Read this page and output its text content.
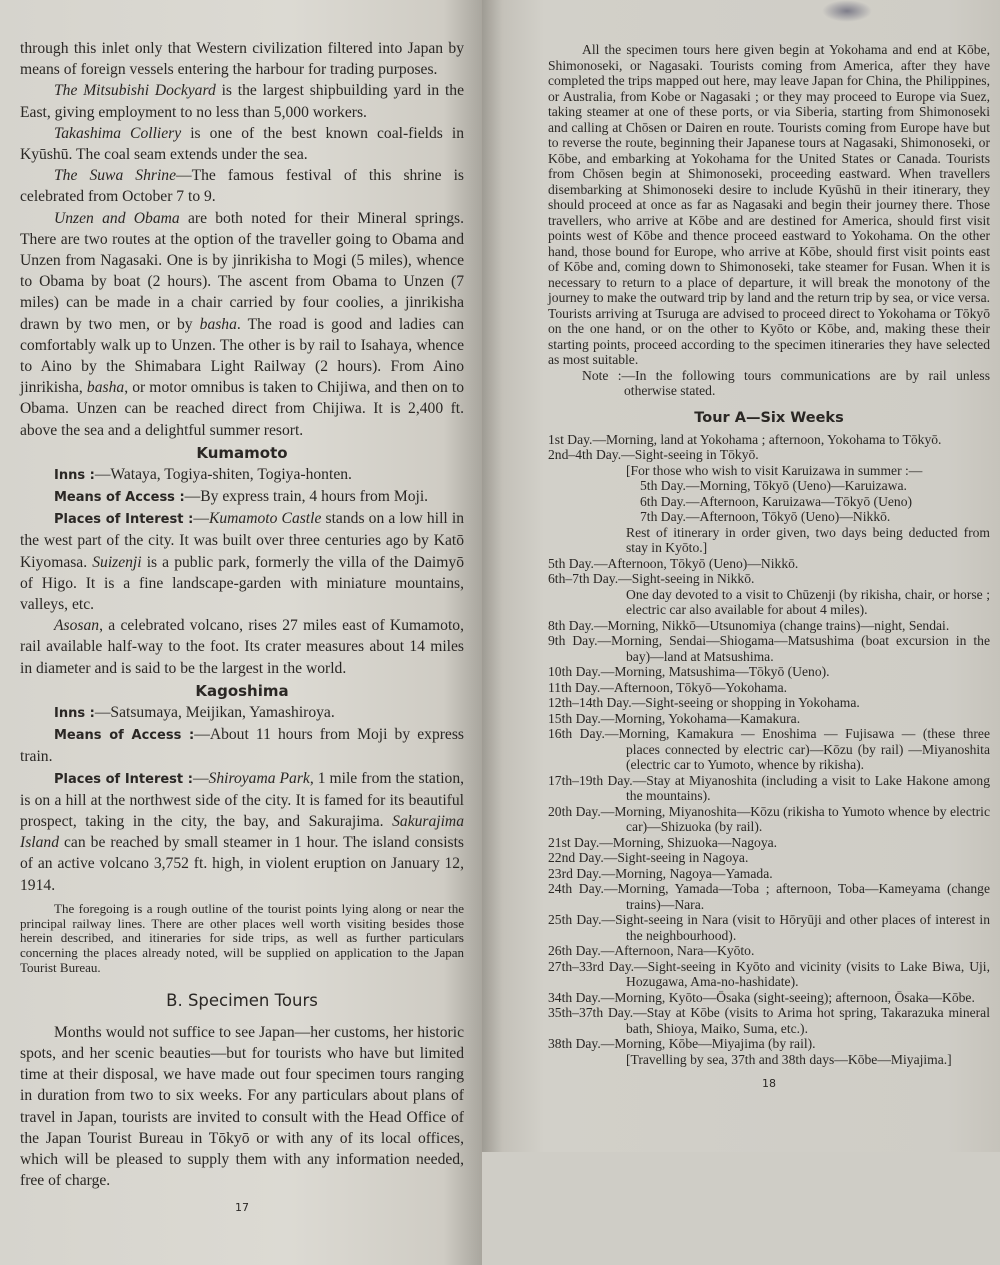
through this inlet only that Western civilization filtered into Japan by means of foreign vessels entering the harbour for trading purposes.

The Mitsubishi Dockyard is the largest shipbuilding yard in the East, giving employment to no less than 5,000 workers.

Takashima Colliery is one of the best known coal-fields in Kyūshū. The coal seam extends under the sea.

The Suwa Shrine—The famous festival of this shrine is celebrated from October 7 to 9.

Unzen and Obama are both noted for their Mineral springs. There are two routes at the option of the traveller going to Obama and Unzen from Nagasaki. One is by jinrikisha to Mogi (5 miles), whence to Obama by boat (2 hours). The ascent from Obama to Unzen (7 miles) can be made in a chair carried by four coolies, a jinrikisha drawn by two men, or by basha. The road is good and ladies can comfortably walk up to Unzen. The other is by rail to Isahaya, whence to Aino by the Shimabara Light Railway (2 hours). From Aino jinrikisha, basha, or motor omnibus is taken to Chijiwa, and then on to Obama. Unzen can be reached direct from Chijiwa. It is 2,400 ft. above the sea and a delightful summer resort.

Kumamoto

Inns :—Wataya, Togiya-shiten, Togiya-honten.

Means of Access :—By express train, 4 hours from Moji.

Places of Interest :—Kumamoto Castle stands on a low hill in the west part of the city. It was built over three centuries ago by Katō Kiyomasa. Suizenji is a public park, formerly the villa of the Daimyō of Higo. It is a fine landscape-garden with miniature mountains, valleys, etc.

Asosan, a celebrated volcano, rises 27 miles east of Kumamoto, rail available half-way to the foot. Its crater measures about 14 miles in diameter and is said to be the largest in the world.

Kagoshima

Inns :—Satsumaya, Meijikan, Yamashiroya.

Means of Access :—About 11 hours from Moji by express train.

Places of Interest :—Shiroyama Park, 1 mile from the station, is on a hill at the northwest side of the city. It is famed for its beautiful prospect, taking in the city, the bay, and Sakurajima. Sakurajima Island can be reached by small steamer in 1 hour. The island consists of an active volcano 3,752 ft. high, in violent eruption on January 12, 1914.

The foregoing is a rough outline of the tourist points lying along or near the principal railway lines. There are other places well worth visiting besides those herein described, and itineraries for side trips, as well as further particulars concerning the places already noted, will be supplied on application to the Japan Tourist Bureau.

B. Specimen Tours

Months would not suffice to see Japan—her customs, her historic spots, and her scenic beauties—but for tourists who have but limited time at their disposal, we have made out four specimen tours ranging in duration from two to six weeks. For any particulars about plans of travel in Japan, tourists are invited to consult with the Head Office of the Japan Tourist Bureau in Tōkyō or with any of its local offices, which will be pleased to supply them with any information needed, free of charge.

17

All the specimen tours here given begin at Yokohama and end at Kōbe, Shimonoseki, or Nagasaki. Tourists coming from America, after they have completed the trips mapped out here, may leave Japan for China, the Philippines, or Australia, from Kobe or Nagasaki ; or they may proceed to Europe via Suez, taking steamer at one of these ports, or via Siberia, starting from Shimonoseki and calling at Chōsen or Dairen en route. Tourists coming from Europe have but to reverse the route, beginning their Japanese tours at Nagasaki, Shimonoseki, or Kōbe, and embarking at Yokohama for the United States or Canada. Tourists from Chōsen begin at Shimonoseki, proceeding eastward. When travellers disembarking at Shimonoseki desire to include Kyūshū in their itinerary, they should proceed at once as far as Nagasaki and begin their journey there. Those travellers, who arrive at Kōbe and are destined for America, should first visit points west of Kōbe and thence proceed eastward to Yokohama. On the other hand, those bound for Europe, who arrive at Kōbe, should first visit points east of Kōbe and, coming down to Shimonoseki, take steamer for Fusan. When it is necessary to return to a place of departure, it will break the monotony of the journey to make the outward trip by land and the return trip by sea, or vice versa. Tourists arriving at Tsuruga are advised to proceed direct to Yokohama or Tōkyō on the one hand, or on the other to Kyōto or Kōbe, and, making these their starting points, proceed according to the specimen itineraries they have selected as most suitable.

Note :—In the following tours communications are by rail unless otherwise stated.

Tour A—Six Weeks
1st Day.—Morning, land at Yokohama ; afternoon, Yokohama to Tōkyō.
2nd–4th Day.—Sight-seeing in Tōkyō.
[For those who wish to visit Karuizawa in summer :—
5th Day.—Morning, Tōkyō (Ueno)—Karuizawa.
6th Day.—Afternoon, Karuizawa—Tōkyō (Ueno)
7th Day.—Afternoon, Tōkyō (Ueno)—Nikkō.
Rest of itinerary in order given, two days being deducted from stay in Kyōto.]
5th Day.—Afternoon, Tōkyō (Ueno)—Nikkō.
6th–7th Day.—Sight-seeing in Nikkō.
One day devoted to a visit to Chūzenji (by rikisha, chair, or horse ; electric car also available for about 4 miles).
8th Day.—Morning, Nikkō—Utsunomiya (change trains)—night, Sendai.
9th Day.—Morning, Sendai—Shiogama—Matsushima (boat excursion in the bay)—land at Matsushima.
10th Day.—Morning, Matsushima—Tōkyō (Ueno).
11th Day.—Afternoon, Tōkyō—Yokohama.
12th–14th Day.—Sight-seeing or shopping in Yokohama.
15th Day.—Morning, Yokohama—Kamakura.
16th Day.—Morning, Kamakura — Enoshima — Fujisawa — (these three places connected by electric car)—Kōzu (by rail) —Miyanoshita (electric car to Yumoto, whence by rikisha).
17th–19th Day.—Stay at Miyanoshita (including a visit to Lake Hakone among the mountains).
20th Day.—Morning, Miyanoshita—Kōzu (rikisha to Yumoto whence by electric car)—Shizuoka (by rail).
21st Day.—Morning, Shizuoka—Nagoya.
22nd Day.—Sight-seeing in Nagoya.
23rd Day.—Morning, Nagoya—Yamada.
24th Day.—Morning, Yamada—Toba ; afternoon, Toba—Kameyama (change trains)—Nara.
25th Day.—Sight-seeing in Nara (visit to Hōryūji and other places of interest in the neighbourhood).
26th Day.—Afternoon, Nara—Kyōto.
27th–33rd Day.—Sight-seeing in Kyōto and vicinity (visits to Lake Biwa, Uji, Hozugawa, Ama-no-hashidate).
34th Day.—Morning, Kyōto—Ōsaka (sight-seeing); afternoon, Ōsaka—Kōbe.
35th–37th Day.—Stay at Kōbe (visits to Arima hot spring, Takarazuka mineral bath, Shioya, Maiko, Suma, etc.).
38th Day.—Morning, Kōbe—Miyajima (by rail).
[Travelling by sea, 37th and 38th days—Kōbe—Miyajima.]
18
